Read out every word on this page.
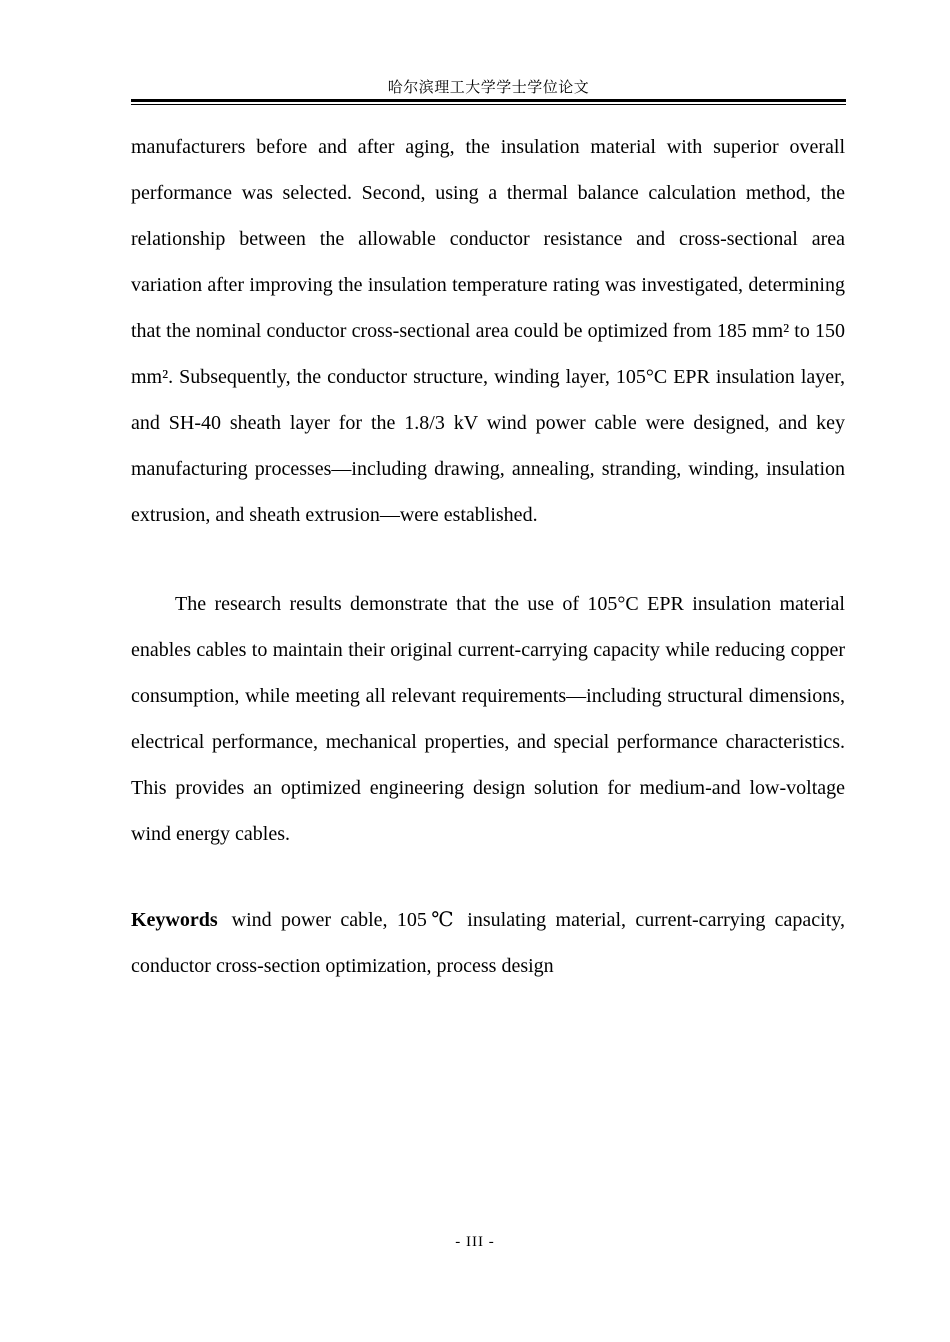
哈尔滨理工大学学士学位论文

manufacturers before and after aging, the insulation material with superior overall performance was selected. Second, using a thermal balance calculation method, the relationship between the allowable conductor resistance and cross-sectional area variation after improving the insulation temperature rating was investigated, determining that the nominal conductor cross-sectional area could be optimized from 185 mm² to 150 mm². Subsequently, the conductor structure, winding layer, 105°C EPR insulation layer, and SH-40 sheath layer for the 1.8/3 kV wind power cable were designed, and key manufacturing processes—including drawing, annealing, stranding, winding, insulation extrusion, and sheath extrusion—were established.

The research results demonstrate that the use of 105°C EPR insulation material enables cables to maintain their original current-carrying capacity while reducing copper consumption, while meeting all relevant requirements—including structural dimensions, electrical performance, mechanical properties, and special performance characteristics. This provides an optimized engineering design solution for medium-and low-voltage wind energy cables.

Keywords wind power cable, 105℃ insulating material, current-carrying capacity, conductor cross-section optimization, process design

- III -
